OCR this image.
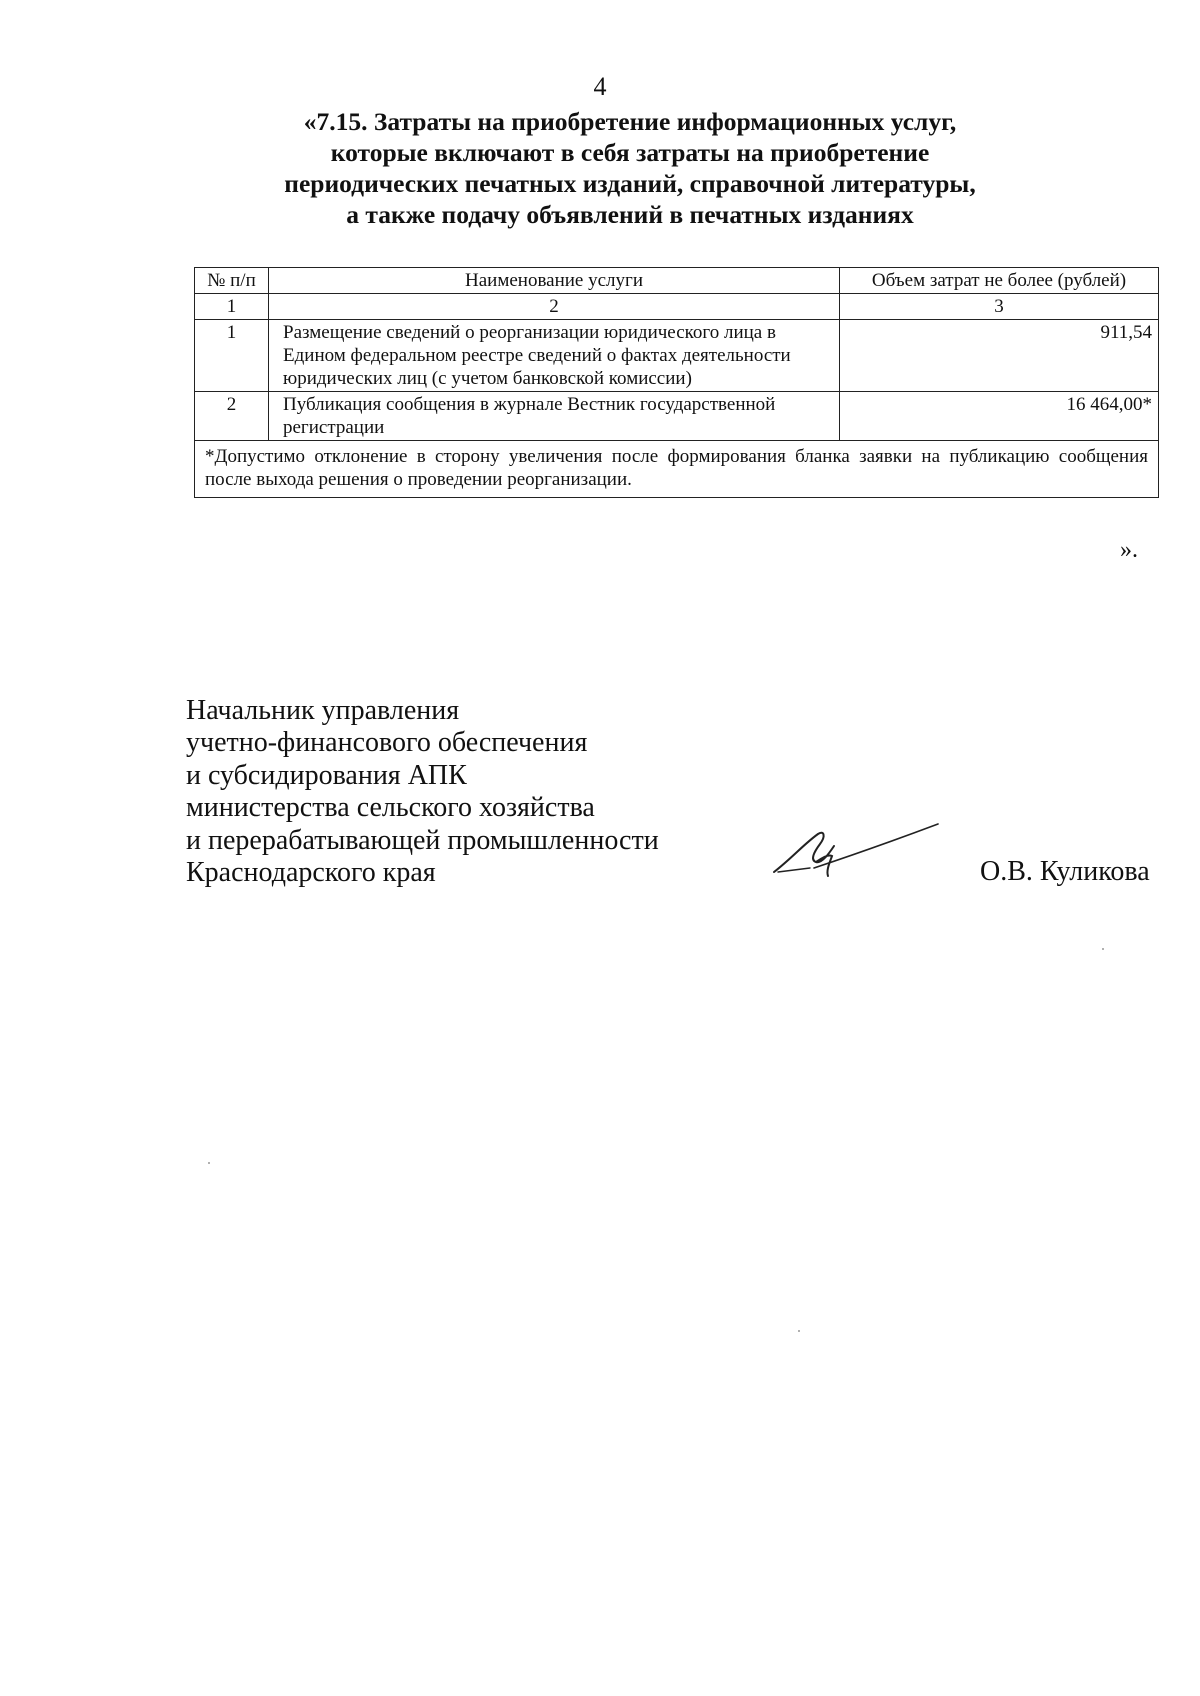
4
«7.15. Затраты на приобретение информационных услуг,
которые включают в себя затраты на приобретение
периодических печатных изданий, справочной литературы,
а также подачу объявлений в печатных изданиях
№ п/п	Наименование услуги	Объем затрат не более (рублей)
1	2	3
1	Размещение сведений о реорганизации юридического лица в Едином федеральном реестре сведений о фактах деятельности юридических лиц (с учетом банковской комиссии)	911,54
2	Публикация сообщения в журнале Вестник государственной регистрации	16 464,00*
*Допустимо отклонение в сторону увеличения после формирования бланка заявки на публикацию сообщения после выхода решения о проведении реорганизации.		
».
Начальник управления
учетно-финансового обеспечения
и субсидирования АПК
министерства сельского хозяйства
и перерабатывающей промышленности
Краснодарского края	О.В. Куликова
